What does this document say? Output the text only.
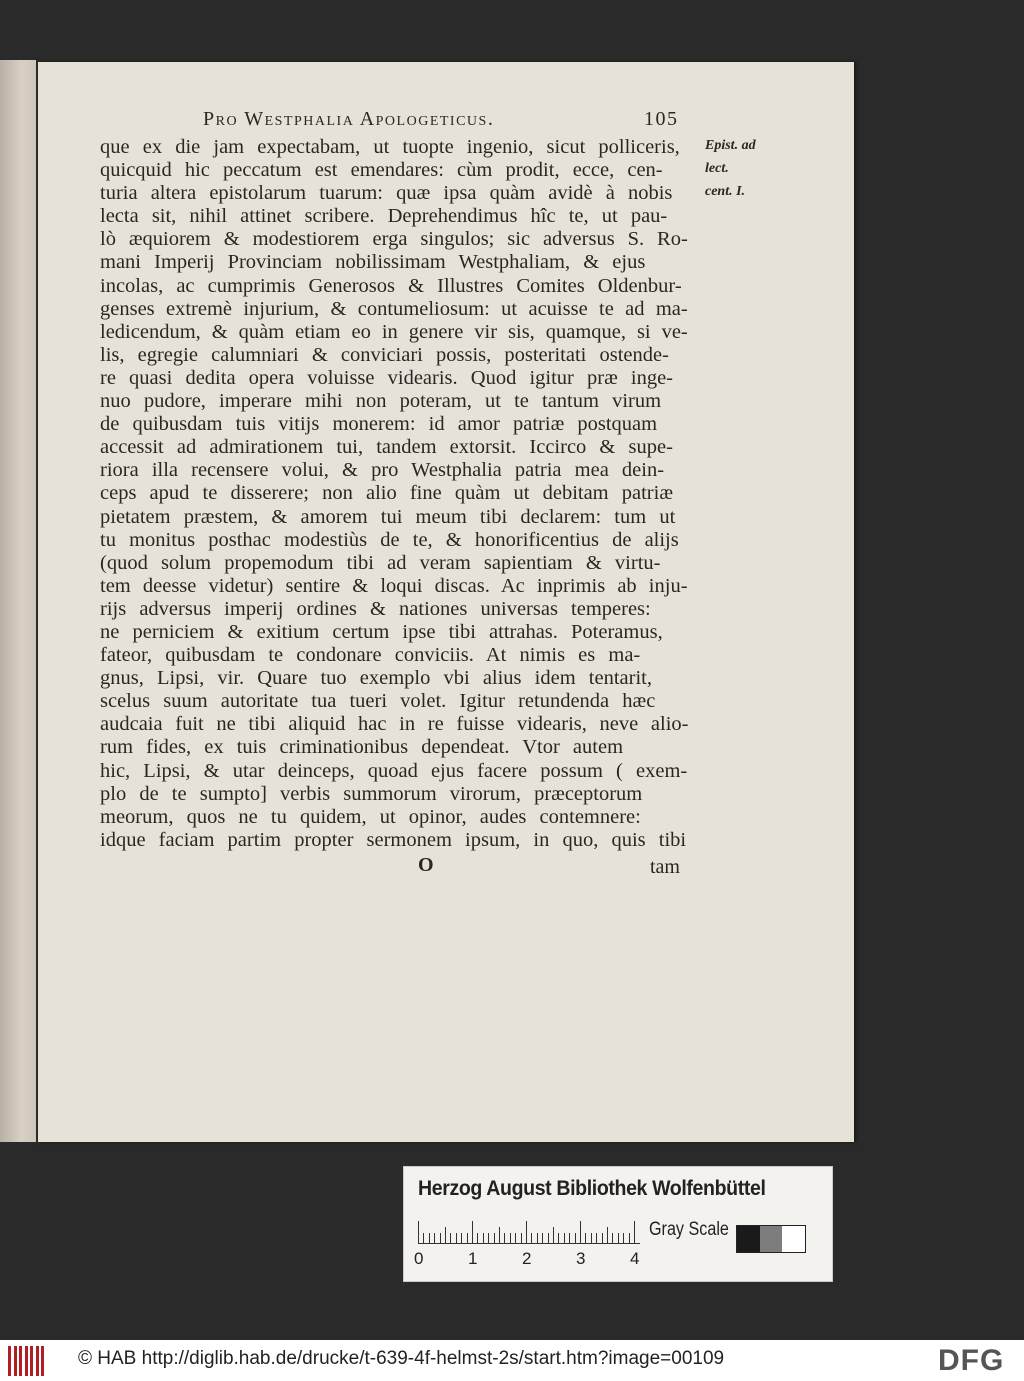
Pro Westphalia Apologeticus.	105
que ex die jam expectabam, ut tuopte ingenio, sicut polliceris,
quicquid hic peccatum est emendares: cùm prodit, ecce, cen-
turia altera epistolarum tuarum: quæ ipsa quàm avidè à nobis
lecta sit, nihil attinet scribere. Deprehendimus hîc te, ut pau-
lò æquiorem & modestiorem erga singulos; sic adversus S. Ro-
mani Imperij Provinciam nobilissimam Westphaliam, & ejus
incolas, ac cumprimis Generosos & Illustres Comites Oldenbur-
genses extremè injurium, & contumeliosum: ut acuisse te ad ma-
ledicendum, & quàm etiam eo in genere vir sis, quamque, si ve-
lis, egregie calumniari & conviciari possis, posteritati ostende-
re quasi dedita opera voluisse videaris. Quod igitur præ inge-
nuo pudore, imperare mihi non poteram, ut te tantum virum
de quibusdam tuis vitijs monerem: id amor patriæ postquam
accessit ad admirationem tui, tandem extorsit. Iccirco & supe-
riora illa recensere volui, & pro Westphalia patria mea dein-
ceps apud te disserere; non alio fine quàm ut debitam patriæ
pietatem præstem, & amorem tui meum tibi declarem: tum ut
tu monitus posthac modestiùs de te, & honorificentius de alijs
(quod solum propemodum tibi ad veram sapientiam & virtu-
tem deesse videtur) sentire & loqui discas. Ac inprimis ab inju-
rijs adversus imperij ordines & nationes universas temperes:
ne perniciem & exitium certum ipse tibi attrahas. Poteramus,
fateor, quibusdam te condonare conviciis. At nimis es ma-
gnus, Lipsi, vir. Quare tuo exemplo vbi alius idem tentarit,
scelus suum autoritate tua tueri volet. Igitur retundenda hæc
audcaia fuit ne tibi aliquid hac in re fuisse videaris, neve alio-
rum fides, ex tuis criminationibus dependeat. Vtor autem
hic, Lipsi, & utar deinceps, quoad ejus facere possum ( exem-
plo de te sumpto] verbis summorum virorum, præceptorum
meorum, quos ne tu quidem, ut opinor, audes contemnere:
idque faciam partim propter sermonem ipsum, in quo, quis tibi
Epist. ad
lect.
cent. I.
O	tam
Herzog August Bibliothek Wolfenbüttel
0	1	2	3	4
Gray Scale
© HAB http://diglib.hab.de/drucke/t-639-4f-helmst-2s/start.htm?image=00109	DFG
